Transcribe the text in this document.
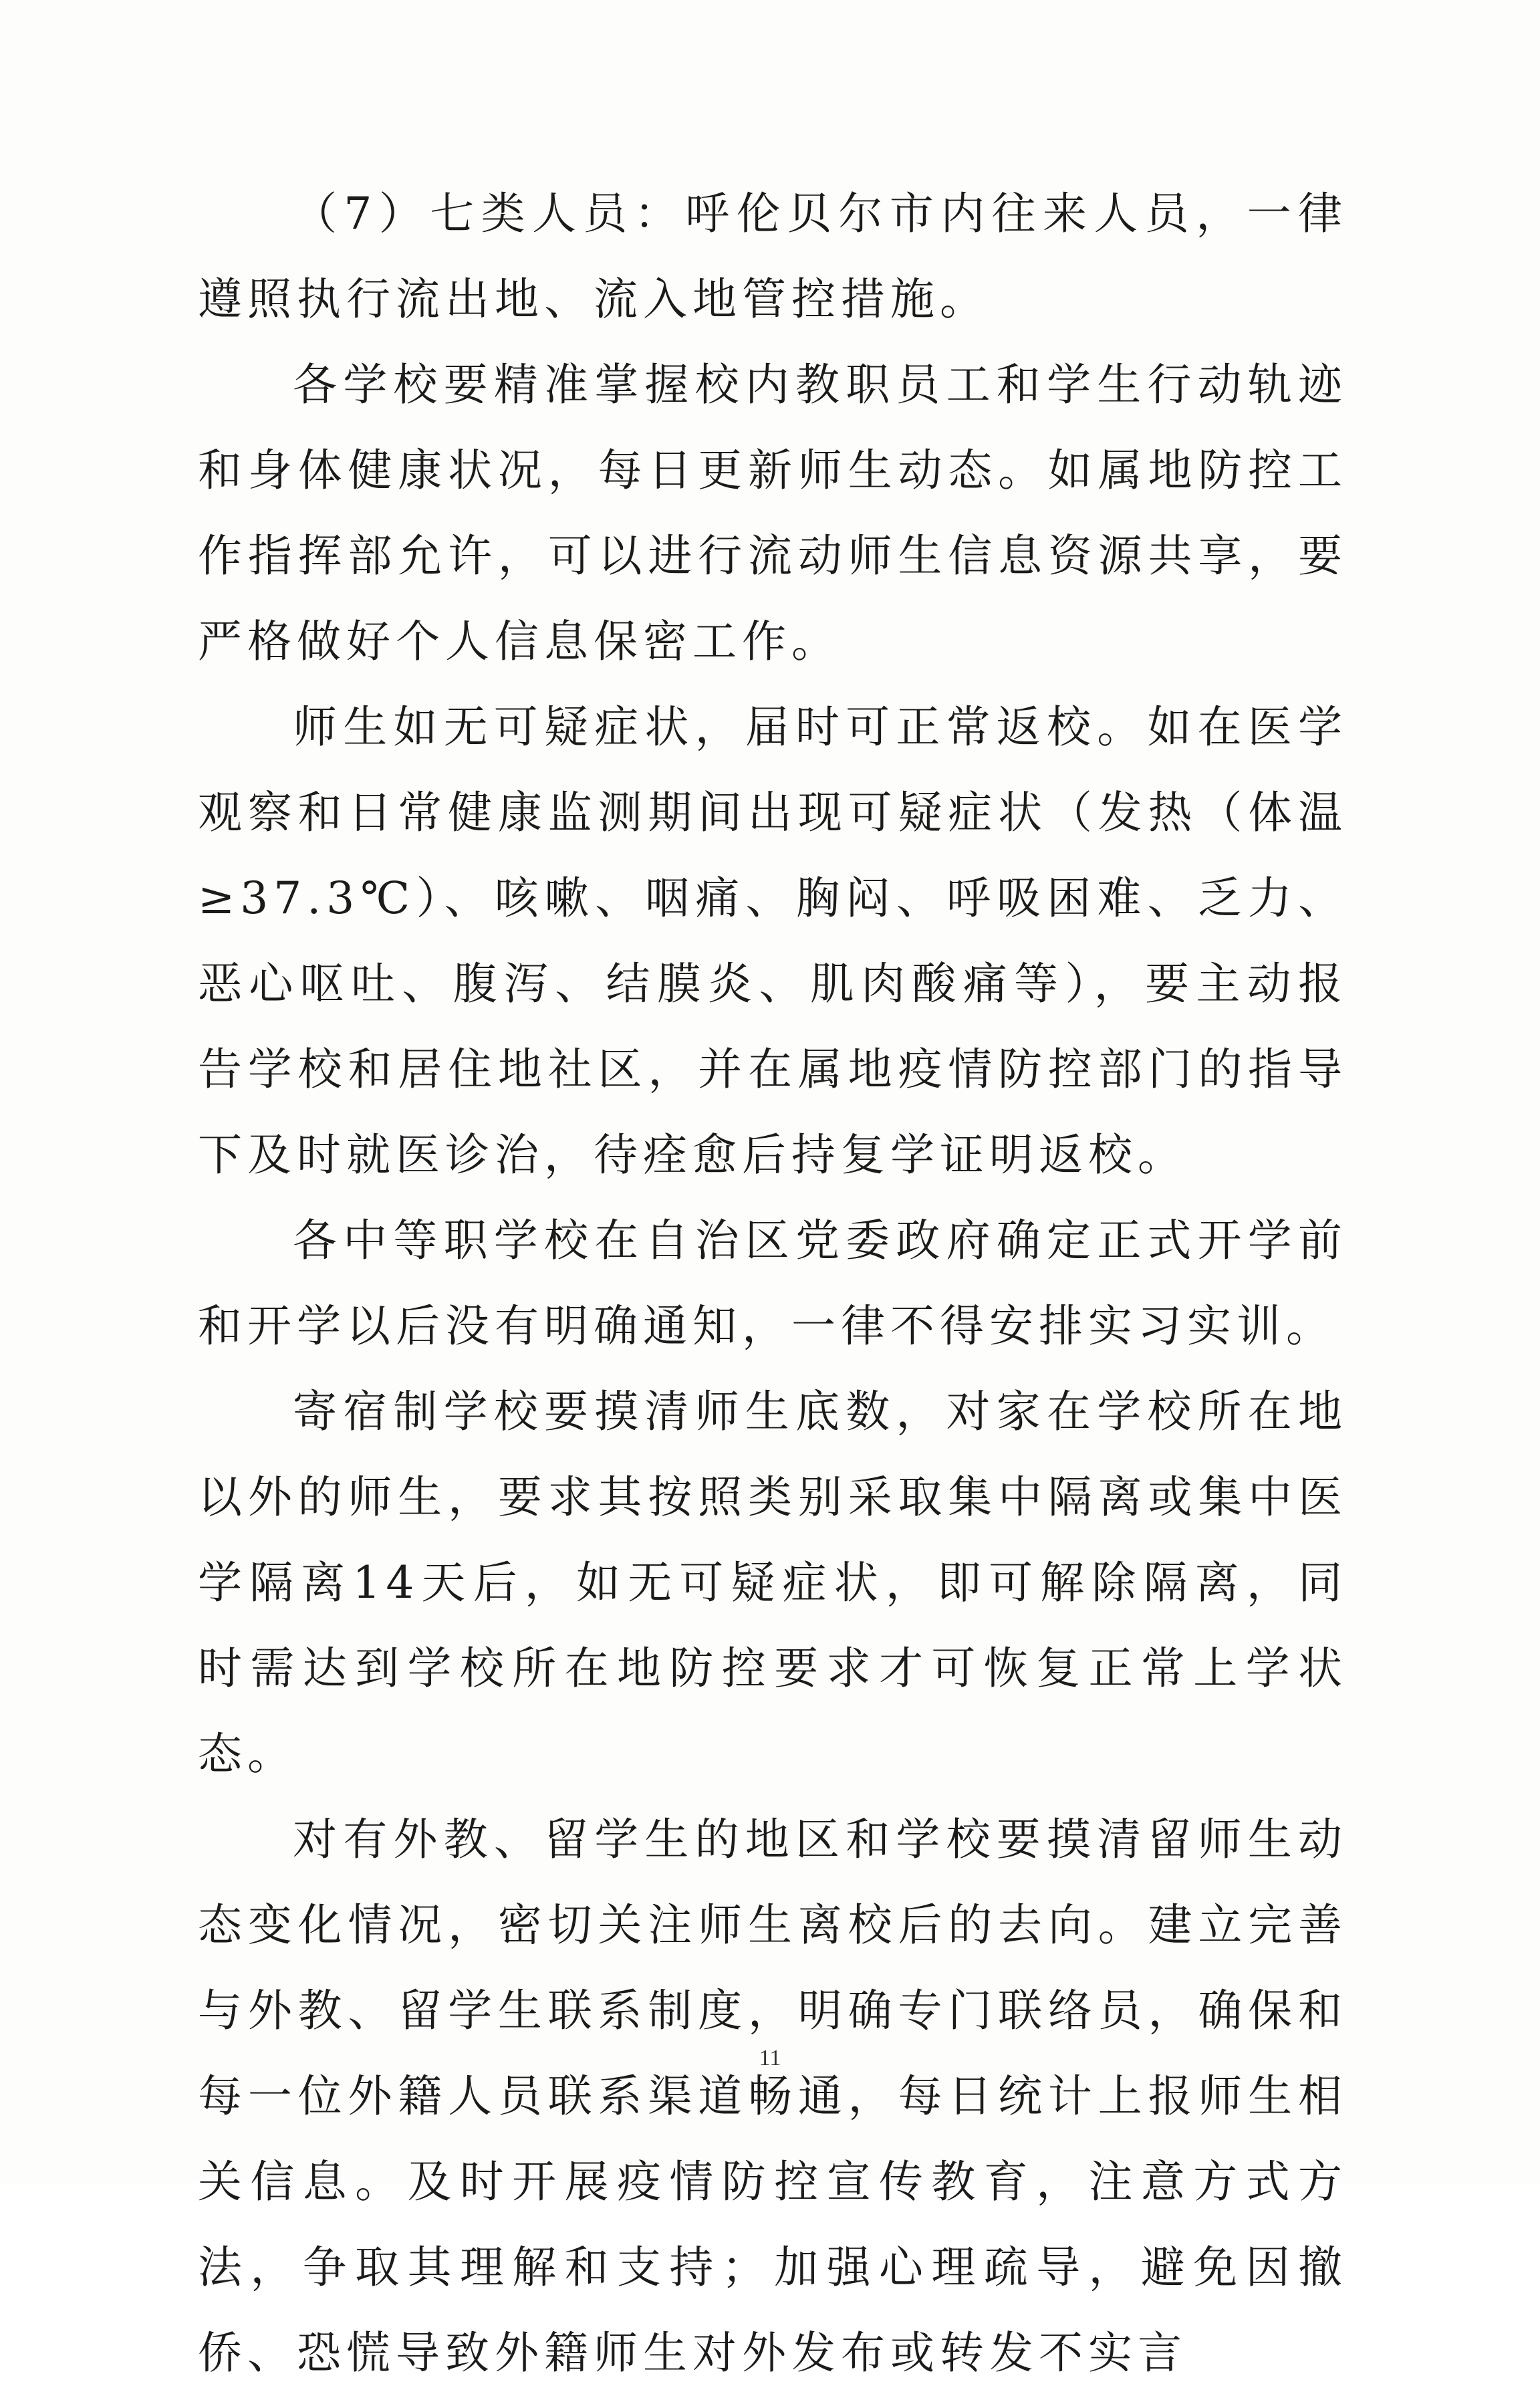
（7）七类人员：呼伦贝尔市内往来人员，一律遵照执行流出地、流入地管控措施。

各学校要精准掌握校内教职员工和学生行动轨迹和身体健康状况，每日更新师生动态。如属地防控工作指挥部允许，可以进行流动师生信息资源共享，要严格做好个人信息保密工作。

师生如无可疑症状，届时可正常返校。如在医学观察和日常健康监测期间出现可疑症状（发热（体温　≥37.3℃）、咳嗽、咽痛、胸闷、呼吸困难、乏力、恶心呕吐、腹泻、结膜炎、肌肉酸痛等），要主动报告学校和居住地社区，并在属地疫情防控部门的指导下及时就医诊治，待痊愈后持复学证明返校。

各中等职学校在自治区党委政府确定正式开学前和开学以后没有明确通知，一律不得安排实习实训。

寄宿制学校要摸清师生底数，对家在学校所在地以外的师生，要求其按照类别采取集中隔离或集中医学隔离14天后，如无可疑症状，即可解除隔离，同时需达到学校所在地防控要求才可恢复正常上学状态。

对有外教、留学生的地区和学校要摸清留师生动态变化情况，密切关注师生离校后的去向。建立完善与外教、留学生联系制度，明确专门联络员，确保和每一位外籍人员联系渠道畅通，每日统计上报师生相关信息。及时开展疫情防控宣传教育，注意方式方法，争取其理解和支持；加强心理疏导，避免因撤侨、恐慌导致外籍师生对外发布或转发不实言

11
